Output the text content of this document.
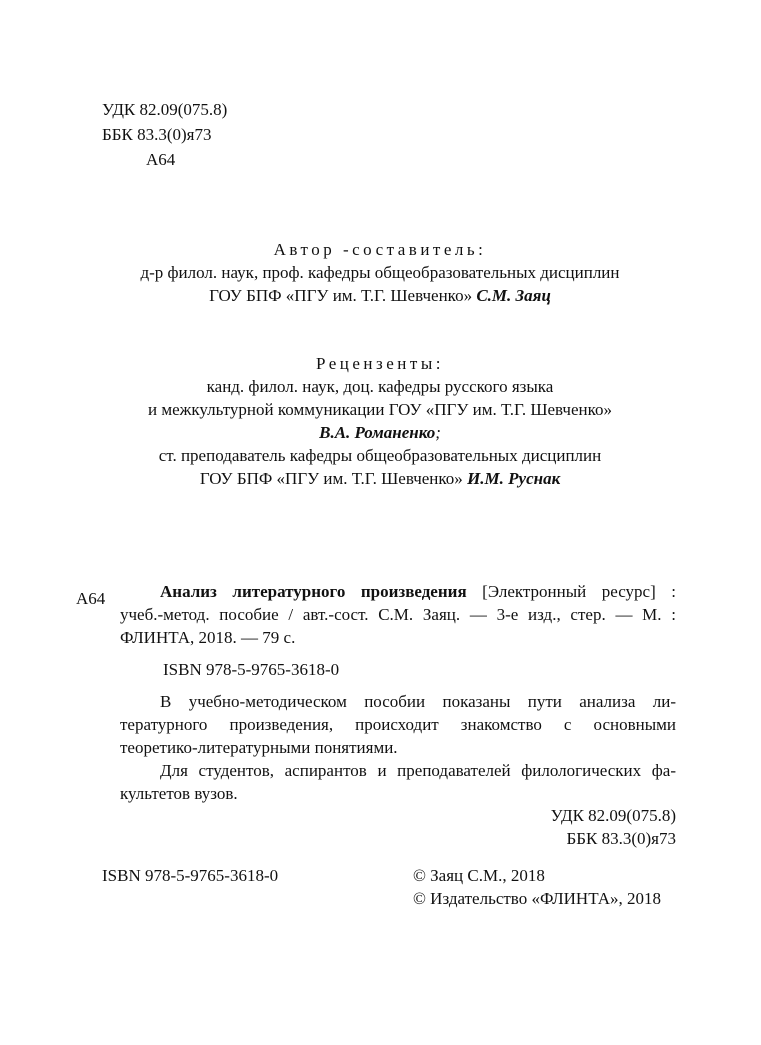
УДК 82.09(075.8)
ББК 83.3(0)я73
А64
Автор -составитель:
д-р филол. наук, проф. кафедры общеобразовательных дисциплин
ГОУ БПФ «ПГУ им. Т.Г. Шевченко» С.М. Заяц
Рецензенты:
канд. филол. наук, доц. кафедры русского языка
и межкультурной коммуникации ГОУ «ПГУ им. Т.Г. Шевченко»
В.А. Романенко;
ст. преподаватель кафедры общеобразовательных дисциплин
ГОУ БПФ «ПГУ им. Т.Г. Шевченко» И.М. Руснак
А64	Анализ литературного произведения [Электронный ресурс] :
учеб.-метод. пособие / авт.-сост. С.М. Заяц. — 3-е изд., стер. — М. :
ФЛИНТА, 2018. — 79 с.
ISBN 978-5-9765-3618-0
В учебно-методическом пособии показаны пути анализа ли-
тературного произведения, происходит знакомство с основными
теоретико-литературными понятиями.
Для студентов, аспирантов и преподавателей филологических фа-
культетов вузов.
УДК 82.09(075.8)
ББК 83.3(0)я73
ISBN 978-5-9765-3618-0	© Заяц С.М., 2018
© Издательство «ФЛИНТА», 2018
